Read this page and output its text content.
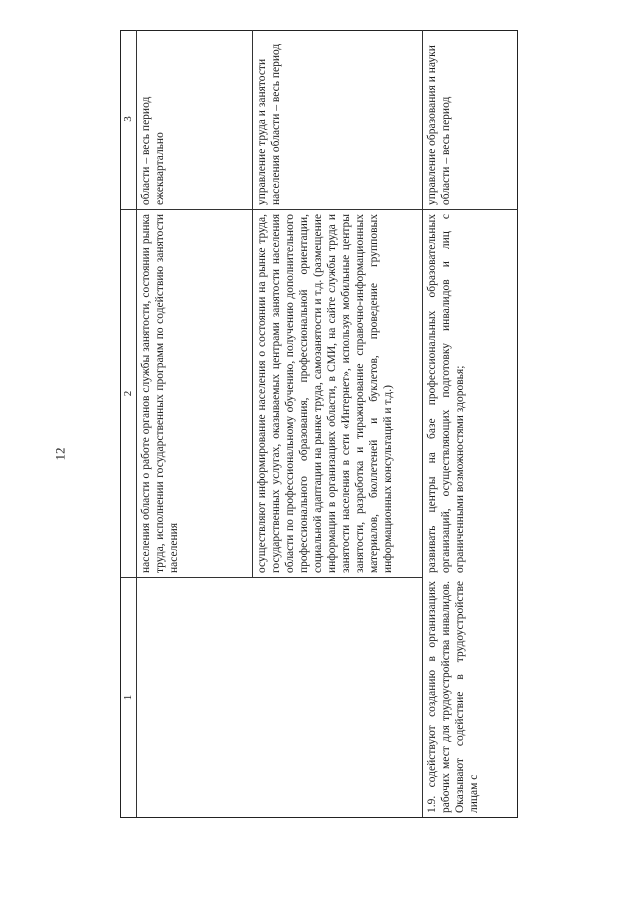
12
1
2
3
населения области о работе органов службы занятости, состоянии рынка труда, исполнении государственных программ по содействию занятости населения
области – весь период ежеквартально
осуществляют информирование населения о состоянии на рынке труда, государственных услугах, оказываемых центрами занятости населения области по профессиональному обучению, получению дополнительного профессионального образования, профессиональной ориентации, социальной адаптации на рынке труда, самозанятости и т.д. (размещение информации в организациях области, в СМИ, на сайте службы труда и занятости населения в сети «Интернет», используя мобильные центры занятости, разработка и тиражирование справочно-информационных материалов, бюллетеней и буклетов, проведение групповых информационных консультаций и т.д.)
управление труда и занятости населения области – весь период
1.9. содействуют созданию в организациях рабочих мест для трудоустройства инвалидов. Оказывают содействие в трудоустройстве лицам с
развивать центры на базе профессиональных образовательных организаций, осуществляющих подготовку инвалидов и лиц с ограниченными возможностями здоровья;
управление образования и науки области – весь период
